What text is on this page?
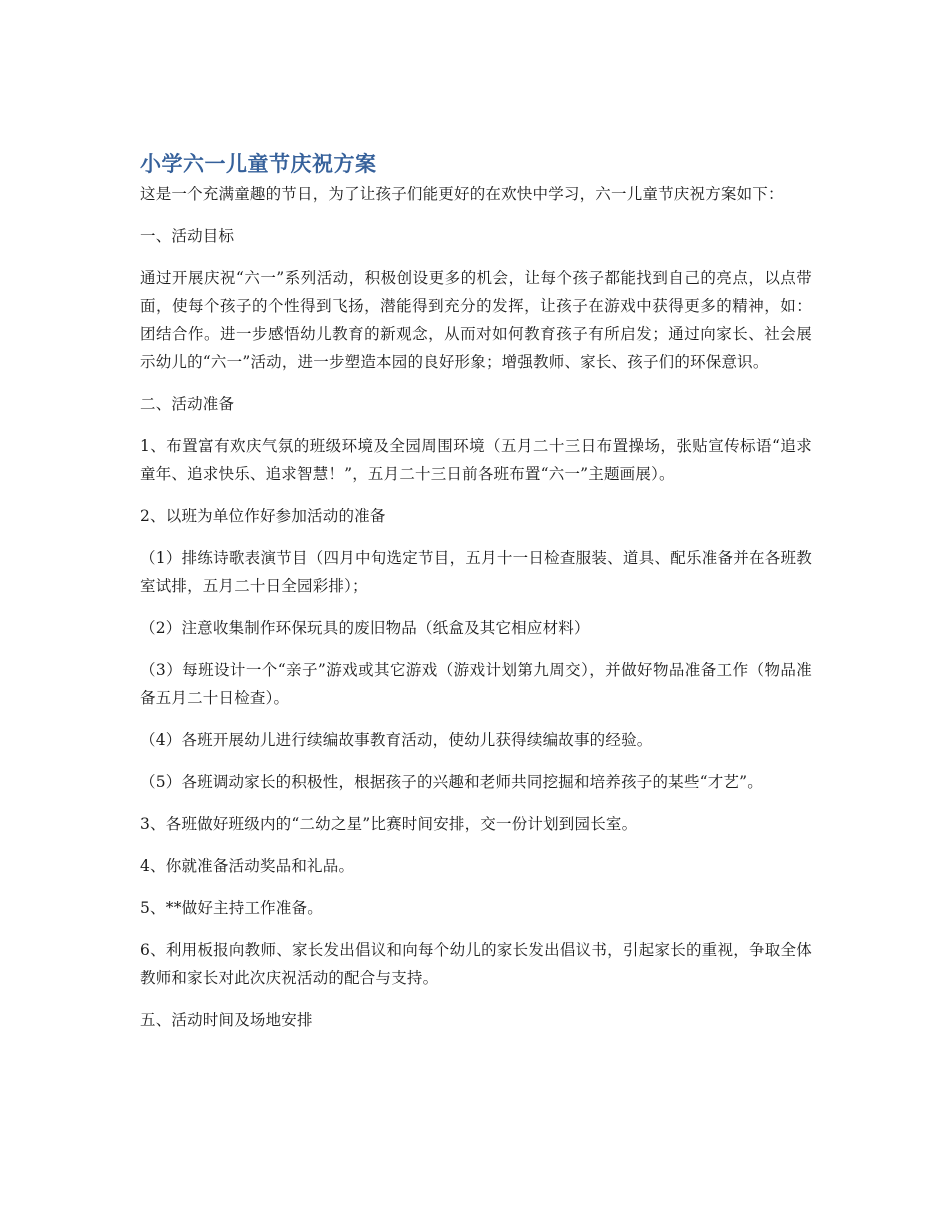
小学六一儿童节庆祝方案

这是一个充满童趣的节日，为了让孩子们能更好的在欢快中学习，六一儿童节庆祝方案如下：

一、活动目标

通过开展庆祝“六一”系列活动，积极创设更多的机会，让每个孩子都能找到自己的亮点，以点带面，使每个孩子的个性得到飞扬，潜能得到充分的发挥，让孩子在游戏中获得更多的精神，如：团结合作。进一步感悟幼儿教育的新观念，从而对如何教育孩子有所启发；通过向家长、社会展示幼儿的“六一”活动，进一步塑造本园的良好形象；增强教师、家长、孩子们的环保意识。

二、活动准备

1、布置富有欢庆气氛的班级环境及全园周围环境（五月二十三日布置操场，张贴宣传标语“追求童年、追求快乐、追求智慧！”，五月二十三日前各班布置“六一”主题画展）。

2、以班为单位作好参加活动的准备

（1）排练诗歌表演节目（四月中旬选定节目，五月十一日检查服装、道具、配乐准备并在各班教室试排，五月二十日全园彩排）；

（2）注意收集制作环保玩具的废旧物品（纸盒及其它相应材料）

（3）每班设计一个“亲子”游戏或其它游戏（游戏计划第九周交），并做好物品准备工作（物品准备五月二十日检查）。

（4）各班开展幼儿进行续编故事教育活动，使幼儿获得续编故事的经验。

（5）各班调动家长的积极性，根据孩子的兴趣和老师共同挖掘和培养孩子的某些“才艺”。

3、各班做好班级内的“二幼之星”比赛时间安排，交一份计划到园长室。

4、你就准备活动奖品和礼品。

5、**做好主持工作准备。

6、利用板报向教师、家长发出倡议和向每个幼儿的家长发出倡议书，引起家长的重视，争取全体教师和家长对此次庆祝活动的配合与支持。

五、活动时间及场地安排
